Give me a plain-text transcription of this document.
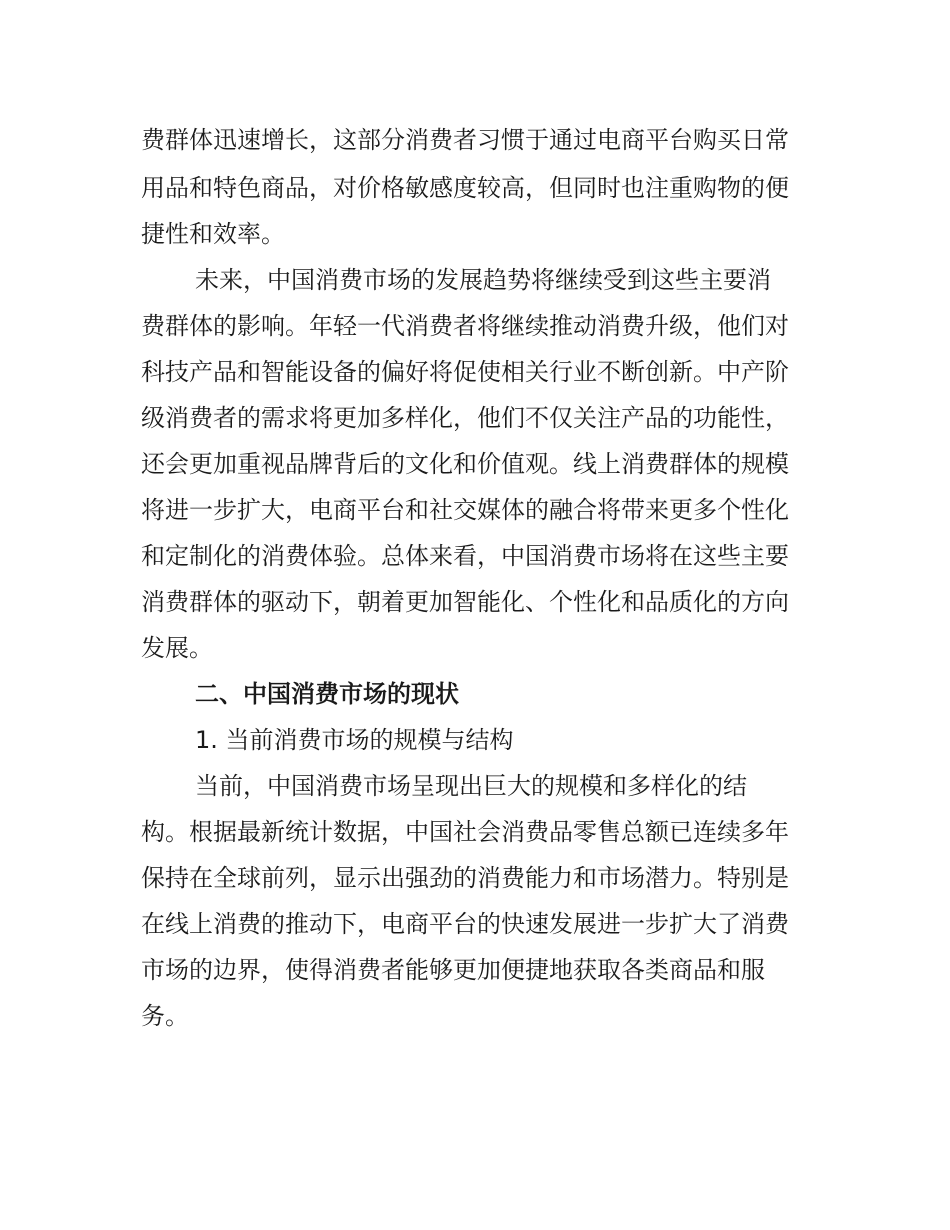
费群体迅速增长，这部分消费者习惯于通过电商平台购买日常
用品和特色商品，对价格敏感度较高，但同时也注重购物的便
捷性和效率。
未来，中国消费市场的发展趋势将继续受到这些主要消
费群体的影响。年轻一代消费者将继续推动消费升级，他们对
科技产品和智能设备的偏好将促使相关行业不断创新。中产阶
级消费者的需求将更加多样化，他们不仅关注产品的功能性，
还会更加重视品牌背后的文化和价值观。线上消费群体的规模
将进一步扩大，电商平台和社交媒体的融合将带来更多个性化
和定制化的消费体验。总体来看，中国消费市场将在这些主要
消费群体的驱动下，朝着更加智能化、个性化和品质化的方向
发展。
二、中国消费市场的现状
1. 当前消费市场的规模与结构
当前，中国消费市场呈现出巨大的规模和多样化的结
构。根据最新统计数据，中国社会消费品零售总额已连续多年
保持在全球前列，显示出强劲的消费能力和市场潜力。特别是
在线上消费的推动下，电商平台的快速发展进一步扩大了消费
市场的边界，使得消费者能够更加便捷地获取各类商品和服
务。
